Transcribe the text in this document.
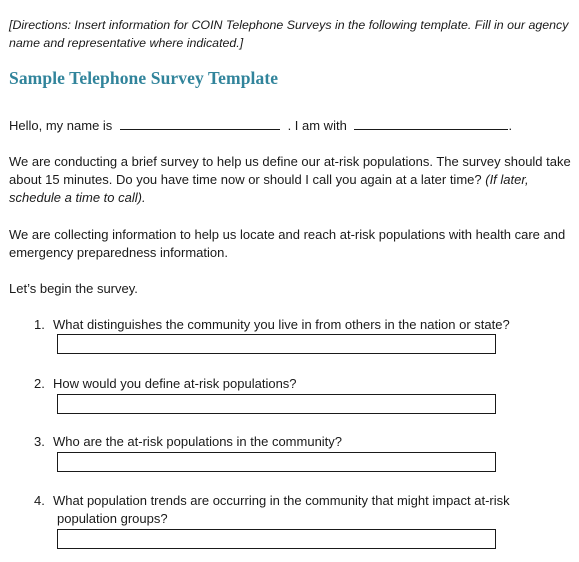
[Directions: Insert information for COIN Telephone Surveys in the following template. Fill in our agency name and representative where indicated.]
Sample Telephone Survey Template
Hello, my name is	. I am with	.
We are conducting a brief survey to help us define our at-risk populations. The survey should take about 15 minutes. Do you have time now or should I call you again at a later time? (If later, schedule a time to call).
We are collecting information to help us locate and reach at-risk populations with health care and emergency preparedness information.
Let’s begin the survey.
1. What distinguishes the community you live in from others in the nation or state?
2. How would you define at-risk populations?
3. Who are the at-risk populations in the community?
4. What population trends are occurring in the community that might impact at-risk
population groups?
